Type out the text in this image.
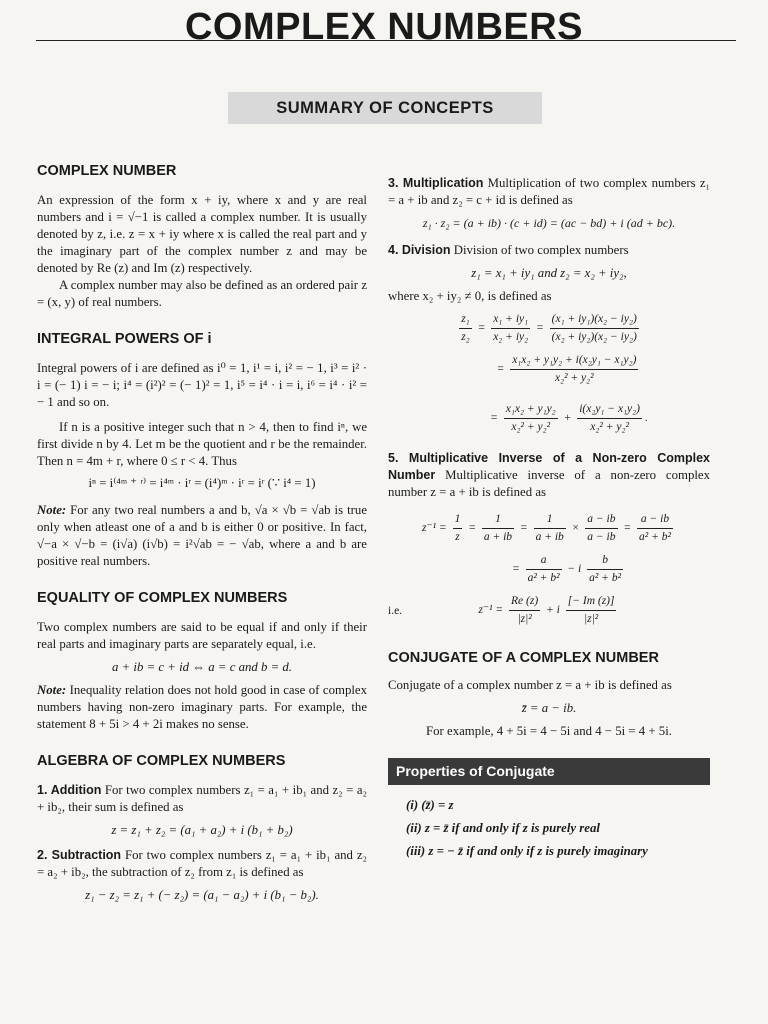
COMPLEX NUMBERS
SUMMARY OF CONCEPTS
COMPLEX NUMBER

An expression of the form x + iy, where x and y are real numbers and i = √−1 is called a complex number. It is usually denoted by z, i.e. z = x + iy where x is called the real part and y the imaginary part of the complex number z and may be denoted by Re (z) and Im (z) respectively.

A complex number may also be defined as an ordered pair z = (x, y) of real numbers.

INTEGRAL POWERS OF i

Integral powers of i are defined as i⁰ = 1, i¹ = i, i² = − 1, i³ = i² · i = (− 1) i = − i; i⁴ = (i²)² = (− 1)² = 1, i⁵ = i⁴ · i = i, i⁶ = i⁴ · i² = − 1 and so on.

If n is a positive integer such that n > 4, then to find iⁿ, we first divide n by 4. Let m be the quotient and r be the remainder. Then n = 4m + r, where 0 ≤ r < 4. Thus

iⁿ = i⁽⁴ᵐ ⁺ ʳ⁾ = i⁴ᵐ · iʳ = (i⁴)ᵐ · iʳ = iʳ (∵ i⁴ = 1)

Note: For any two real numbers a and b, √a × √b = √ab is true only when atleast one of a and b is either 0 or positive. In fact, √−a × √−b = (i√a) (i√b) = i²√ab = − √ab, where a and b are positive real numbers.

EQUALITY OF COMPLEX NUMBERS

Two complex numbers are said to be equal if and only if their real parts and imaginary parts are separately equal, i.e.

a + ib = c + id ⇔ a = c and b = d.

Note: Inequality relation does not hold good in case of complex numbers having non-zero imaginary parts. For example, the statement 8 + 5i > 4 + 2i makes no sense.

ALGEBRA OF COMPLEX NUMBERS

1. Addition For two complex numbers z₁ = a₁ + ib₁ and z₂ = a₂ + ib₂, their sum is defined as

z = z₁ + z₂ = (a₁ + a₂) + i (b₁ + b₂)

2. Subtraction For two complex numbers z₁ = a₁ + ib₁ and z₂ = a₂ + ib₂, the subtraction of z₂ from z₁ is defined as

z₁ − z₂ = z₁ + (− z₂) = (a₁ − a₂) + i (b₁ − b₂).

3. Multiplication Multiplication of two complex numbers z₁ = a + ib and z₂ = c + id is defined as

z₁ · z₂ = (a + ib) · (c + id) = (ac − bd) + i (ad + bc).

4. Division Division of two complex numbers

z₁ = x₁ + iy₁ and z₂ = x₂ + iy₂,

where x₂ + iy₂ ≠ 0, is defined as

$\frac{\text{z₁}}{\text{z₂}} = \frac{\text{x₁ + iy₁}}{\text{x₂ + iy₂}} = \frac{\text{(x₁ + iy₁)(x₂ − iy₂)}}{\text{(x₂ + iy₂)(x₂ − iy₂)}}$
= $\frac{\text{x₁x₂ + y₁y₂ + i(x₂y₁ − x₁y₂)}}{\text{x₂² + y₂²}}$
= $\frac{\text{x₁x₂ + y₁y₂}}{\text{x₂² + y₂²}} + \frac{\text{i(x₂y₁ − x₁y₂)}}{\text{x₂² + y₂²}}$ .

5. Multiplicative Inverse of a Non-zero Complex Number Multiplicative inverse of a non-zero complex number z = a + ib is defined as

$z^{-1} = \frac{1}{z} = \frac{1}{a + ib} = \frac{1}{a + ib} \times \frac{a - ib}{a - ib} = \frac{a - ib}{\text{a² + b²}}$
= $\frac{a}{\text{a² + b²}} - i \frac{b}{\text{a² + b²}}$
i.e.	$z^{-1} = \frac{Re (z)}{\text{|z|²}} + i \frac{[- Im (z)]}{\text{|z|²}}$
CONJUGATE OF A COMPLEX NUMBER

Conjugate of a complex number z = a + ib is defined as

z̄ = a − ib.
For example, 4 + 5i = 4 − 5i and 4 − 5i = 4 + 5i.
Properties of Conjugate
(i) (z̄) = z
(ii) z = z̄ if and only if z is purely real
(iii) z = − z̄ if and only if z is purely imaginary
